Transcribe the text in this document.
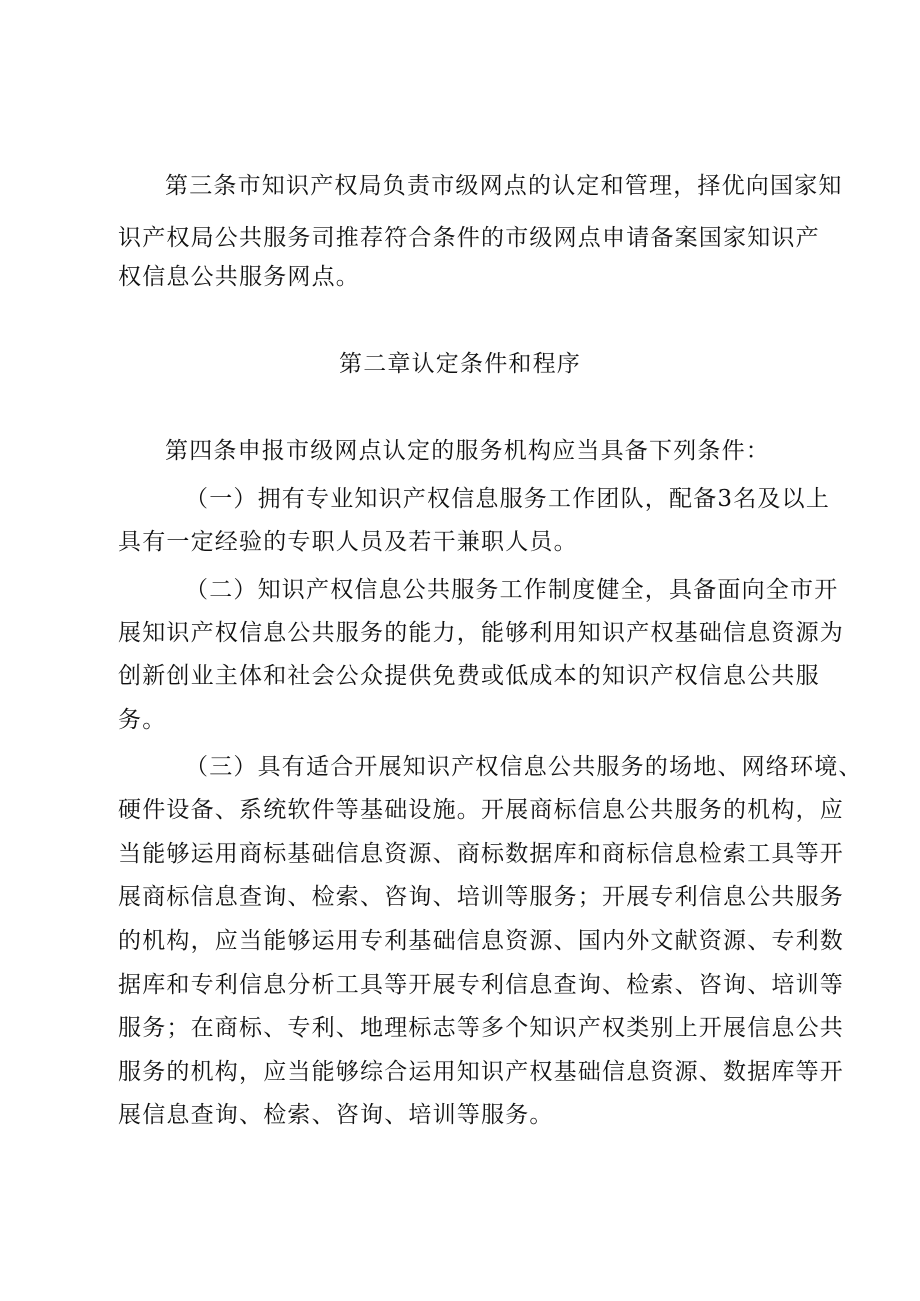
第三条市知识产权局负责市级网点的认定和管理，择优向国家知
识产权局公共服务司推荐符合条件的市级网点申请备案国家知识产
权信息公共服务网点。
第二章认定条件和程序
第四条申报市级网点认定的服务机构应当具备下列条件：
（一）拥有专业知识产权信息服务工作团队，配备3名及以上
具有一定经验的专职人员及若干兼职人员。
（二）知识产权信息公共服务工作制度健全，具备面向全市开
展知识产权信息公共服务的能力，能够利用知识产权基础信息资源为
创新创业主体和社会公众提供免费或低成本的知识产权信息公共服
务。
（三）具有适合开展知识产权信息公共服务的场地、网络环境、
硬件设备、系统软件等基础设施。开展商标信息公共服务的机构，应
当能够运用商标基础信息资源、商标数据库和商标信息检索工具等开
展商标信息查询、检索、咨询、培训等服务；开展专利信息公共服务
的机构，应当能够运用专利基础信息资源、国内外文献资源、专利数
据库和专利信息分析工具等开展专利信息查询、检索、咨询、培训等
服务；在商标、专利、地理标志等多个知识产权类别上开展信息公共
服务的机构，应当能够综合运用知识产权基础信息资源、数据库等开
展信息查询、检索、咨询、培训等服务。
